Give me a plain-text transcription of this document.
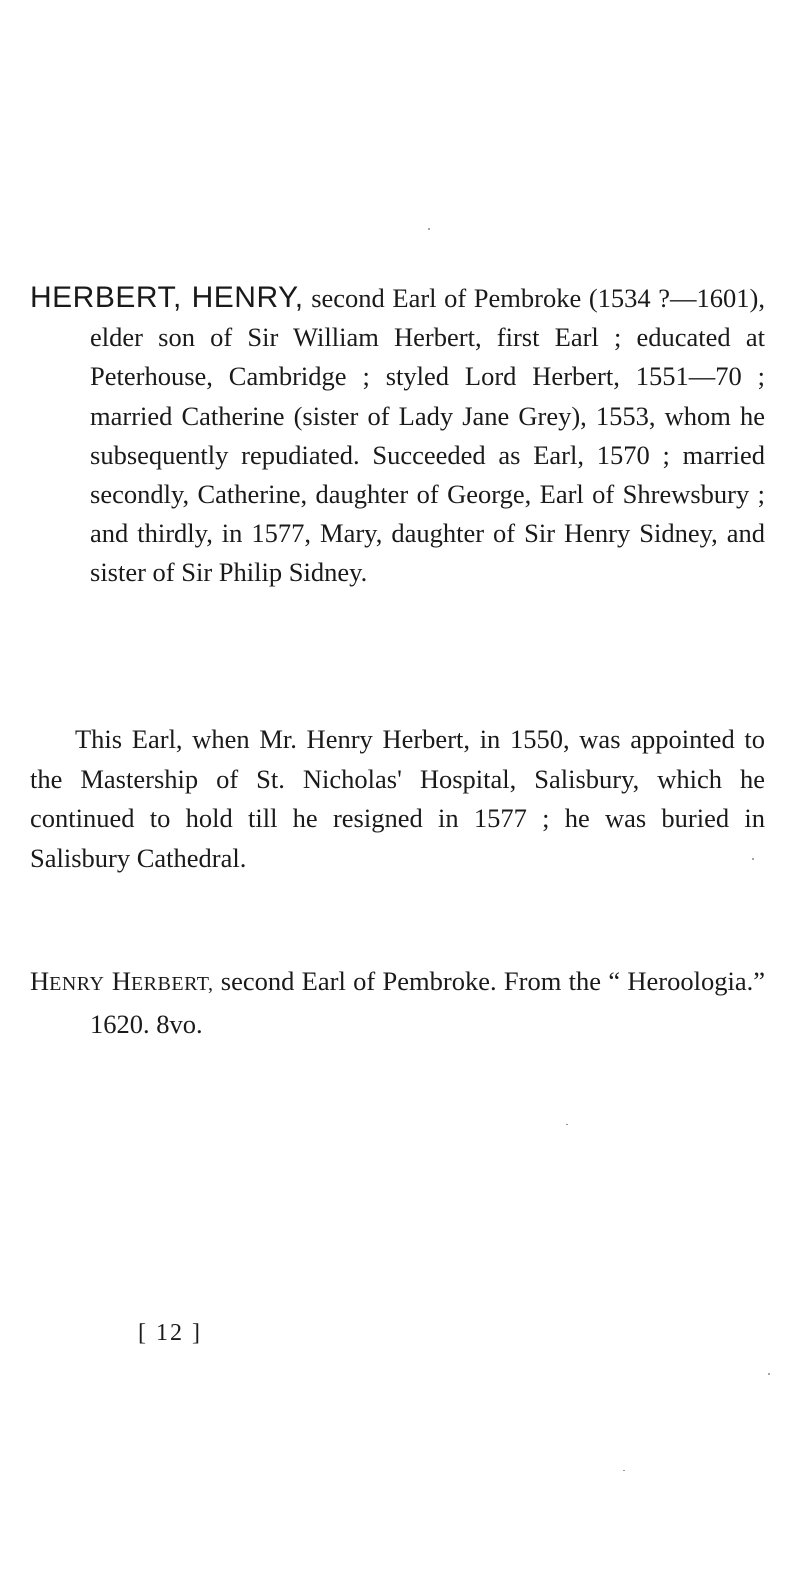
HERBERT, HENRY, second Earl of Pembroke (1534 ?—1601), elder son of Sir William Herbert, first Earl ; educated at Peterhouse, Cambridge ; styled Lord Herbert, 1551—70 ; married Catherine (sister of Lady Jane Grey), 1553, whom he subsequently repudiated. Succeeded as Earl, 1570 ; married secondly, Catherine, daughter of George, Earl of Shrewsbury ; and thirdly, in 1577, Mary, daughter of Sir Henry Sidney, and sister of Sir Philip Sidney.
This Earl, when Mr. Henry Herbert, in 1550, was appointed to the Mastership of St. Nicholas' Hospital, Salisbury, which he continued to hold till he resigned in 1577 ; he was buried in Salisbury Cathedral.
HENRY HERBERT, second Earl of Pembroke. From the “ Heroologia.” 1620. 8vo.
[ 12 ]
